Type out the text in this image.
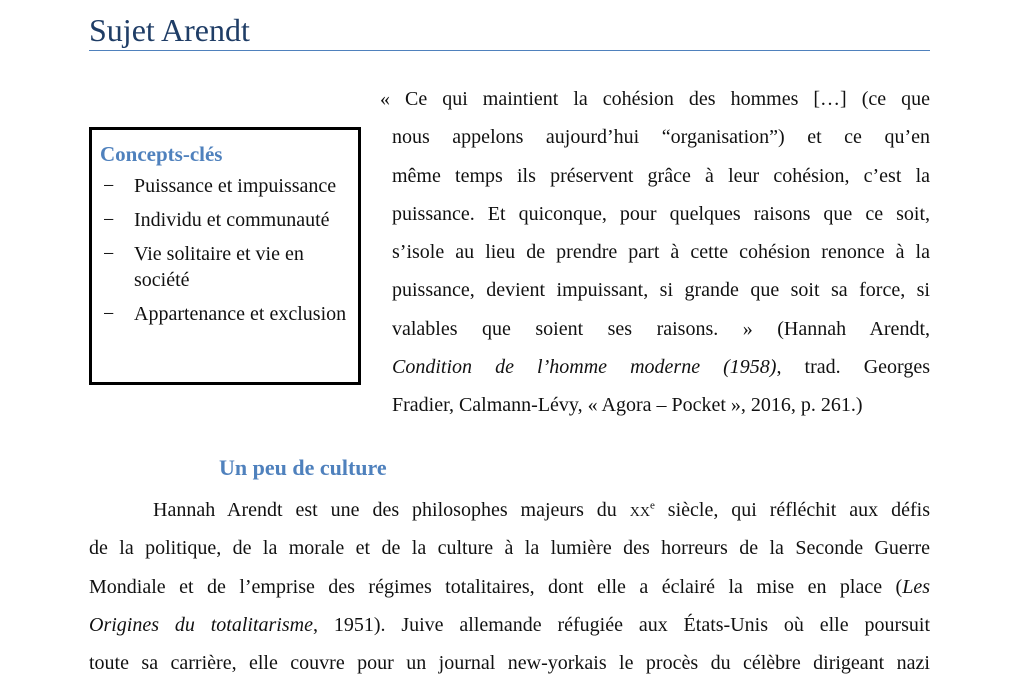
Sujet Arendt
Concepts-clés
− Puissance et impuissance
− Individu et communauté
− Vie solitaire et vie en société
− Appartenance et exclusion
« Ce qui maintient la cohésion des hommes […] (ce que
nous appelons aujourd’hui “organisation”) et ce qu’en
même temps ils préservent grâce à leur cohésion, c’est la
puissance. Et quiconque, pour quelques raisons que ce soit,
s’isole au lieu de prendre part à cette cohésion renonce à la
puissance, devient impuissant, si grande que soit sa force, si
valables que soient ses raisons. » (Hannah Arendt,
Condition de l’homme moderne (1958), trad. Georges
Fradier, Calmann-Lévy, « Agora – Pocket », 2016, p. 261.)
Un peu de culture
Hannah Arendt est une des philosophes majeurs du $xx^e$ siècle, qui réfléchit aux défis
de la politique, de la morale et de la culture à la lumière des horreurs de la Seconde Guerre
Mondiale et de l’emprise des régimes totalitaires, dont elle a éclairé la mise en place (Les
Origines du totalitarisme, 1951). Juive allemande réfugiée aux États-Unis où elle poursuit
toute sa carrière, elle couvre pour un journal new-yorkais le procès du célèbre dirigeant nazi
